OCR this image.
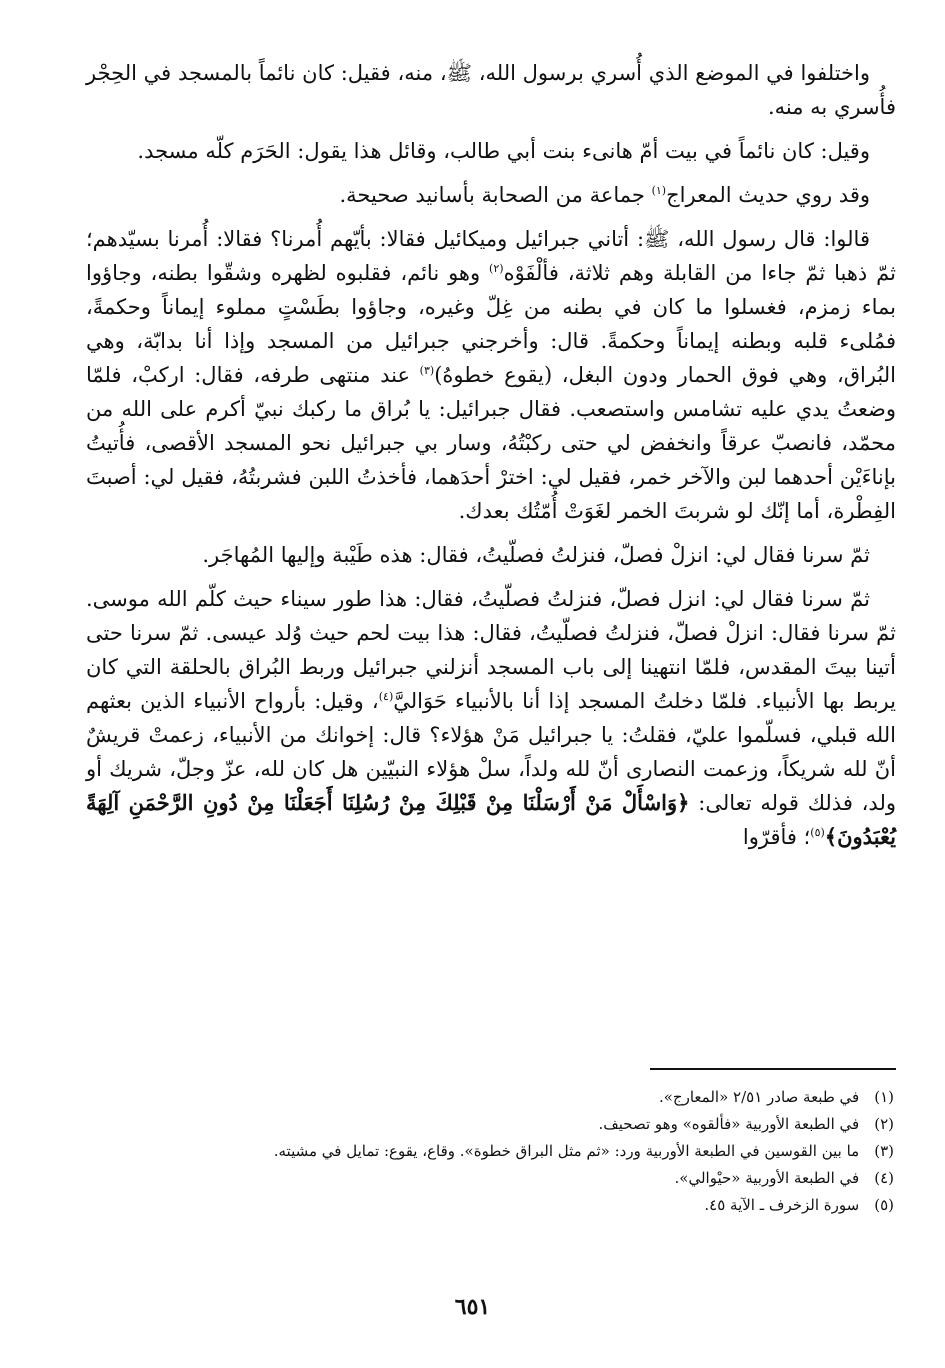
واختلفوا في الموضع الذي أُسري برسول الله، ﷺ، منه، فقيل: كان نائماً بالمسجد في الحِجْر فأُسري به منه.

وقيل: كان نائماً في بيت أمّ هانىء بنت أبي طالب، وقائل هذا يقول: الحَرَم كلّه مسجد.

وقد روي حديث المعراج$^{(١)}$ جماعة من الصحابة بأسانيد صحيحة.

قالوا: قال رسول الله، ﷺ: أتاني جبرائيل وميكائيل فقالا: بأيّهم أُمرنا؟ فقالا: أُمرنا بسيّدهم؛ ثمّ ذهبا ثمّ جاءا من القابلة وهم ثلاثة، فألْفَوْه$^{(٢)}$ وهو نائم، فقلبوه لظهره وشقّوا بطنه، وجاؤوا بماء زمزم، فغسلوا ما كان في بطنه من غِلّ وغيره، وجاؤوا بطَسْتٍ مملوء إيماناً وحكمةً، فمُلىء قلبه وبطنه إيماناً وحكمةً. قال: وأخرجني جبرائيل من المسجد وإذا أنا بدابّة، وهي البُراق، وهي فوق الحمار ودون البغل، (يقوع خطوهُ)$^{(٣)}$ عند منتهى طرفه، فقال: اركبْ، فلمّا وضعتُ يدي عليه تشامس واستصعب. فقال جبرائيل: يا بُراق ما ركبك نبيّ أكرم على الله من محمّد، فانصبّ عرقاً وانخفض لي حتى ركبْتُهُ، وسار بي جبرائيل نحو المسجد الأقصى، فأُتيتُ بإناءَيْن أحدهما لبن والآخر خمر، فقيل لي: اخترْ أحدَهما، فأخذتُ اللبن فشربتُهُ، فقيل لي: أصبتَ الفِطْرة، أما إنّك لو شربتَ الخمر لغَوَتْ أُمّتُك بعدك.

ثمّ سرنا فقال لي: انزلْ فصلّ، فنزلتُ فصلّيتُ، فقال: هذه طَيْبة وإليها المُهاجَر.

ثمّ سرنا فقال لي: انزل فصلّ، فنزلتُ فصلّيتُ، فقال: هذا طور سيناء حيث كلّم الله موسى. ثمّ سرنا فقال: انزلْ فصلّ، فنزلتُ فصلّيتُ، فقال: هذا بيت لحم حيث وُلد عيسى. ثمّ سرنا حتى أتينا بيتَ المقدس، فلمّا انتهينا إلى باب المسجد أنزلني جبرائيل وربط البُراق بالحلقة التي كان يربط بها الأنبياء. فلمّا دخلتُ المسجد إذا أنا بالأنبياء حَوَاليَّ$^{(٤)}$، وقيل: بأرواح الأنبياء الذين بعثهم الله قبلي، فسلّموا عليّ، فقلتُ: يا جبرائيل مَنْ هؤلاء؟ قال: إخوانك من الأنبياء، زعمتْ قريشٌ أنّ لله شريكاً، وزعمت النصارى أنّ لله ولداً، سلْ هؤلاء النبيّين هل كان لله، عزّ وجلّ، شريك أو ولد، فذلك قوله تعالى: ﴿وَاسْأَلْ مَنْ أَرْسَلْنَا مِنْ قَبْلِكَ مِنْ رُسُلِنَا أَجَعَلْنَا مِنْ دُونِ الرَّحْمَنِ آلِهَةً يُعْبَدُونَ﴾$^{(٥)}$؛ فأقرّوا

(١) في طبعة صادر ٢/٥١ «المعارج».

(٢) في الطبعة الأوربية «فألقوه» وهو تصحيف.

(٣) ما بين القوسين في الطبعة الأوربية ورد: «ثم مثل البراق خطوة». وقاع، يقوع: تمايل في مشيته.

(٤) في الطبعة الأوربية «حيْوالي».

(٥) سورة الزخرف ـ الآية ٤٥.

٦٥١
